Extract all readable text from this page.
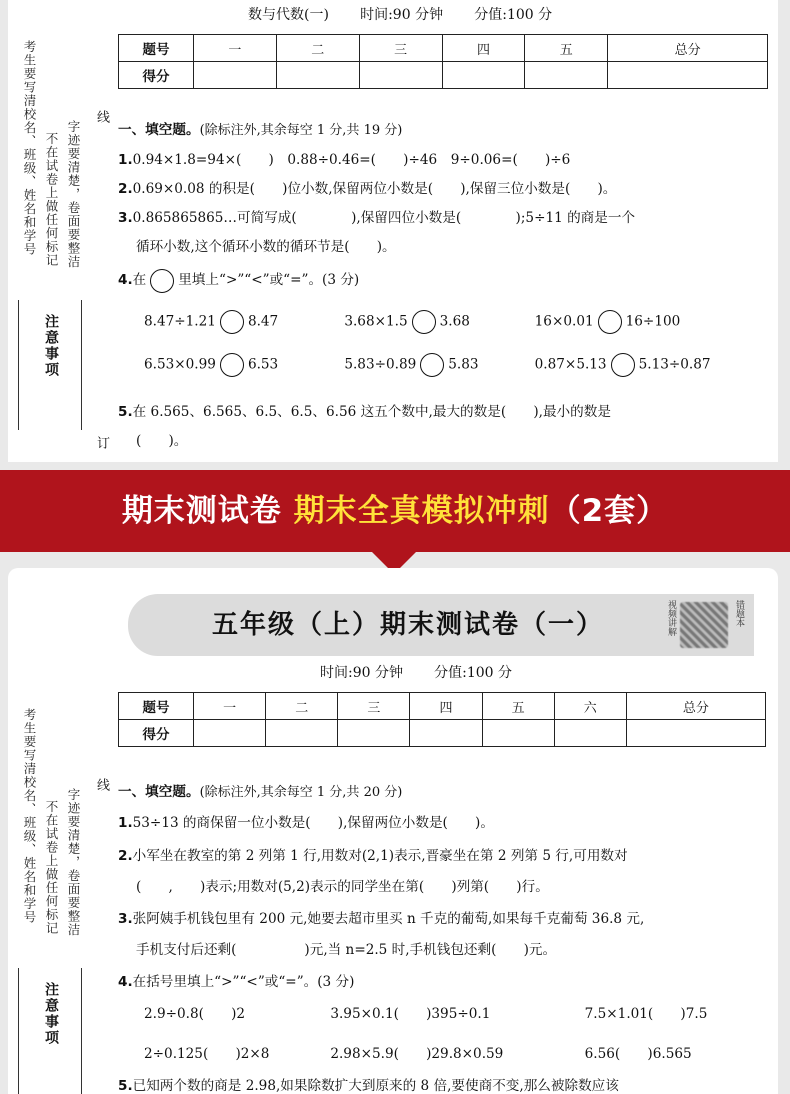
考生要写清校名、班级、姓名和学号 不在试卷上做任何标记 字迹要清楚，卷面要整洁
注意事项
线
订
数与代数(一) 时间:90 分钟 分值:100 分
题号	一	二	三	四	五	总分
得分						
一、填空题。(除标注外,其余每空 1 分,共 19 分)
1.0.94×1.8=94×(　　)　0.88÷0.46=(　　)÷46　9÷0.06=(　　)÷6
2.0.69×0.08 的积是(　　)位小数,保留两位小数是(　　),保留三位小数是(　　)。
3.0.865865865…可简写成(　　　　),保留四位小数是(　　　　);5÷11 的商是一个
循环小数,这个循环小数的循环节是(　　)。
4.在 里填上“>”“<”或“=”。(3 分)
8.47÷1.21 8.47	3.68×1.5 3.68	16×0.01 16÷100
6.53×0.99 6.53	5.83÷0.89 5.83	0.87×5.13 5.13÷0.87
5.在 6.565、6.565、6.5、6.5、6.56 这五个数中,最大的数是(　　),最小的数是
(　　)。
期末测试卷 期末全真模拟冲刺（2套）
考生要写清校名、班级、姓名和学号 不在试卷上做任何标记 字迹要清楚，卷面要整洁
注意事项
线
五年级（上）期末测试卷（一）	视频讲解	错题本
时间:90 分钟 分值:100 分
题号	一	二	三	四	五	六	总分
得分							
一、填空题。(除标注外,其余每空 1 分,共 20 分)
1.53÷13 的商保留一位小数是(　　),保留两位小数是(　　)。
2.小军坐在教室的第 2 列第 1 行,用数对(2,1)表示,晋豪坐在第 2 列第 5 行,可用数对
(　　,　　)表示;用数对(5,2)表示的同学坐在第(　　)列第(　　)行。
3.张阿姨手机钱包里有 200 元,她要去超市里买 n 千克的葡萄,如果每千克葡萄 36.8 元,
手机支付后还剩(　　　　　)元,当 n=2.5 时,手机钱包还剩(　　)元。
4.在括号里填上“>”“<”或“=”。(3 分)
2.9÷0.8(　　)2	3.95×0.1(　　)395÷0.1	7.5×1.01(　　)7.5
2÷0.125(　　)2×8	2.98×5.9(　　)29.8×0.59	6.56(　　)6.565
5.已知两个数的商是 2.98,如果除数扩大到原来的 8 倍,要使商不变,那么被除数应该
